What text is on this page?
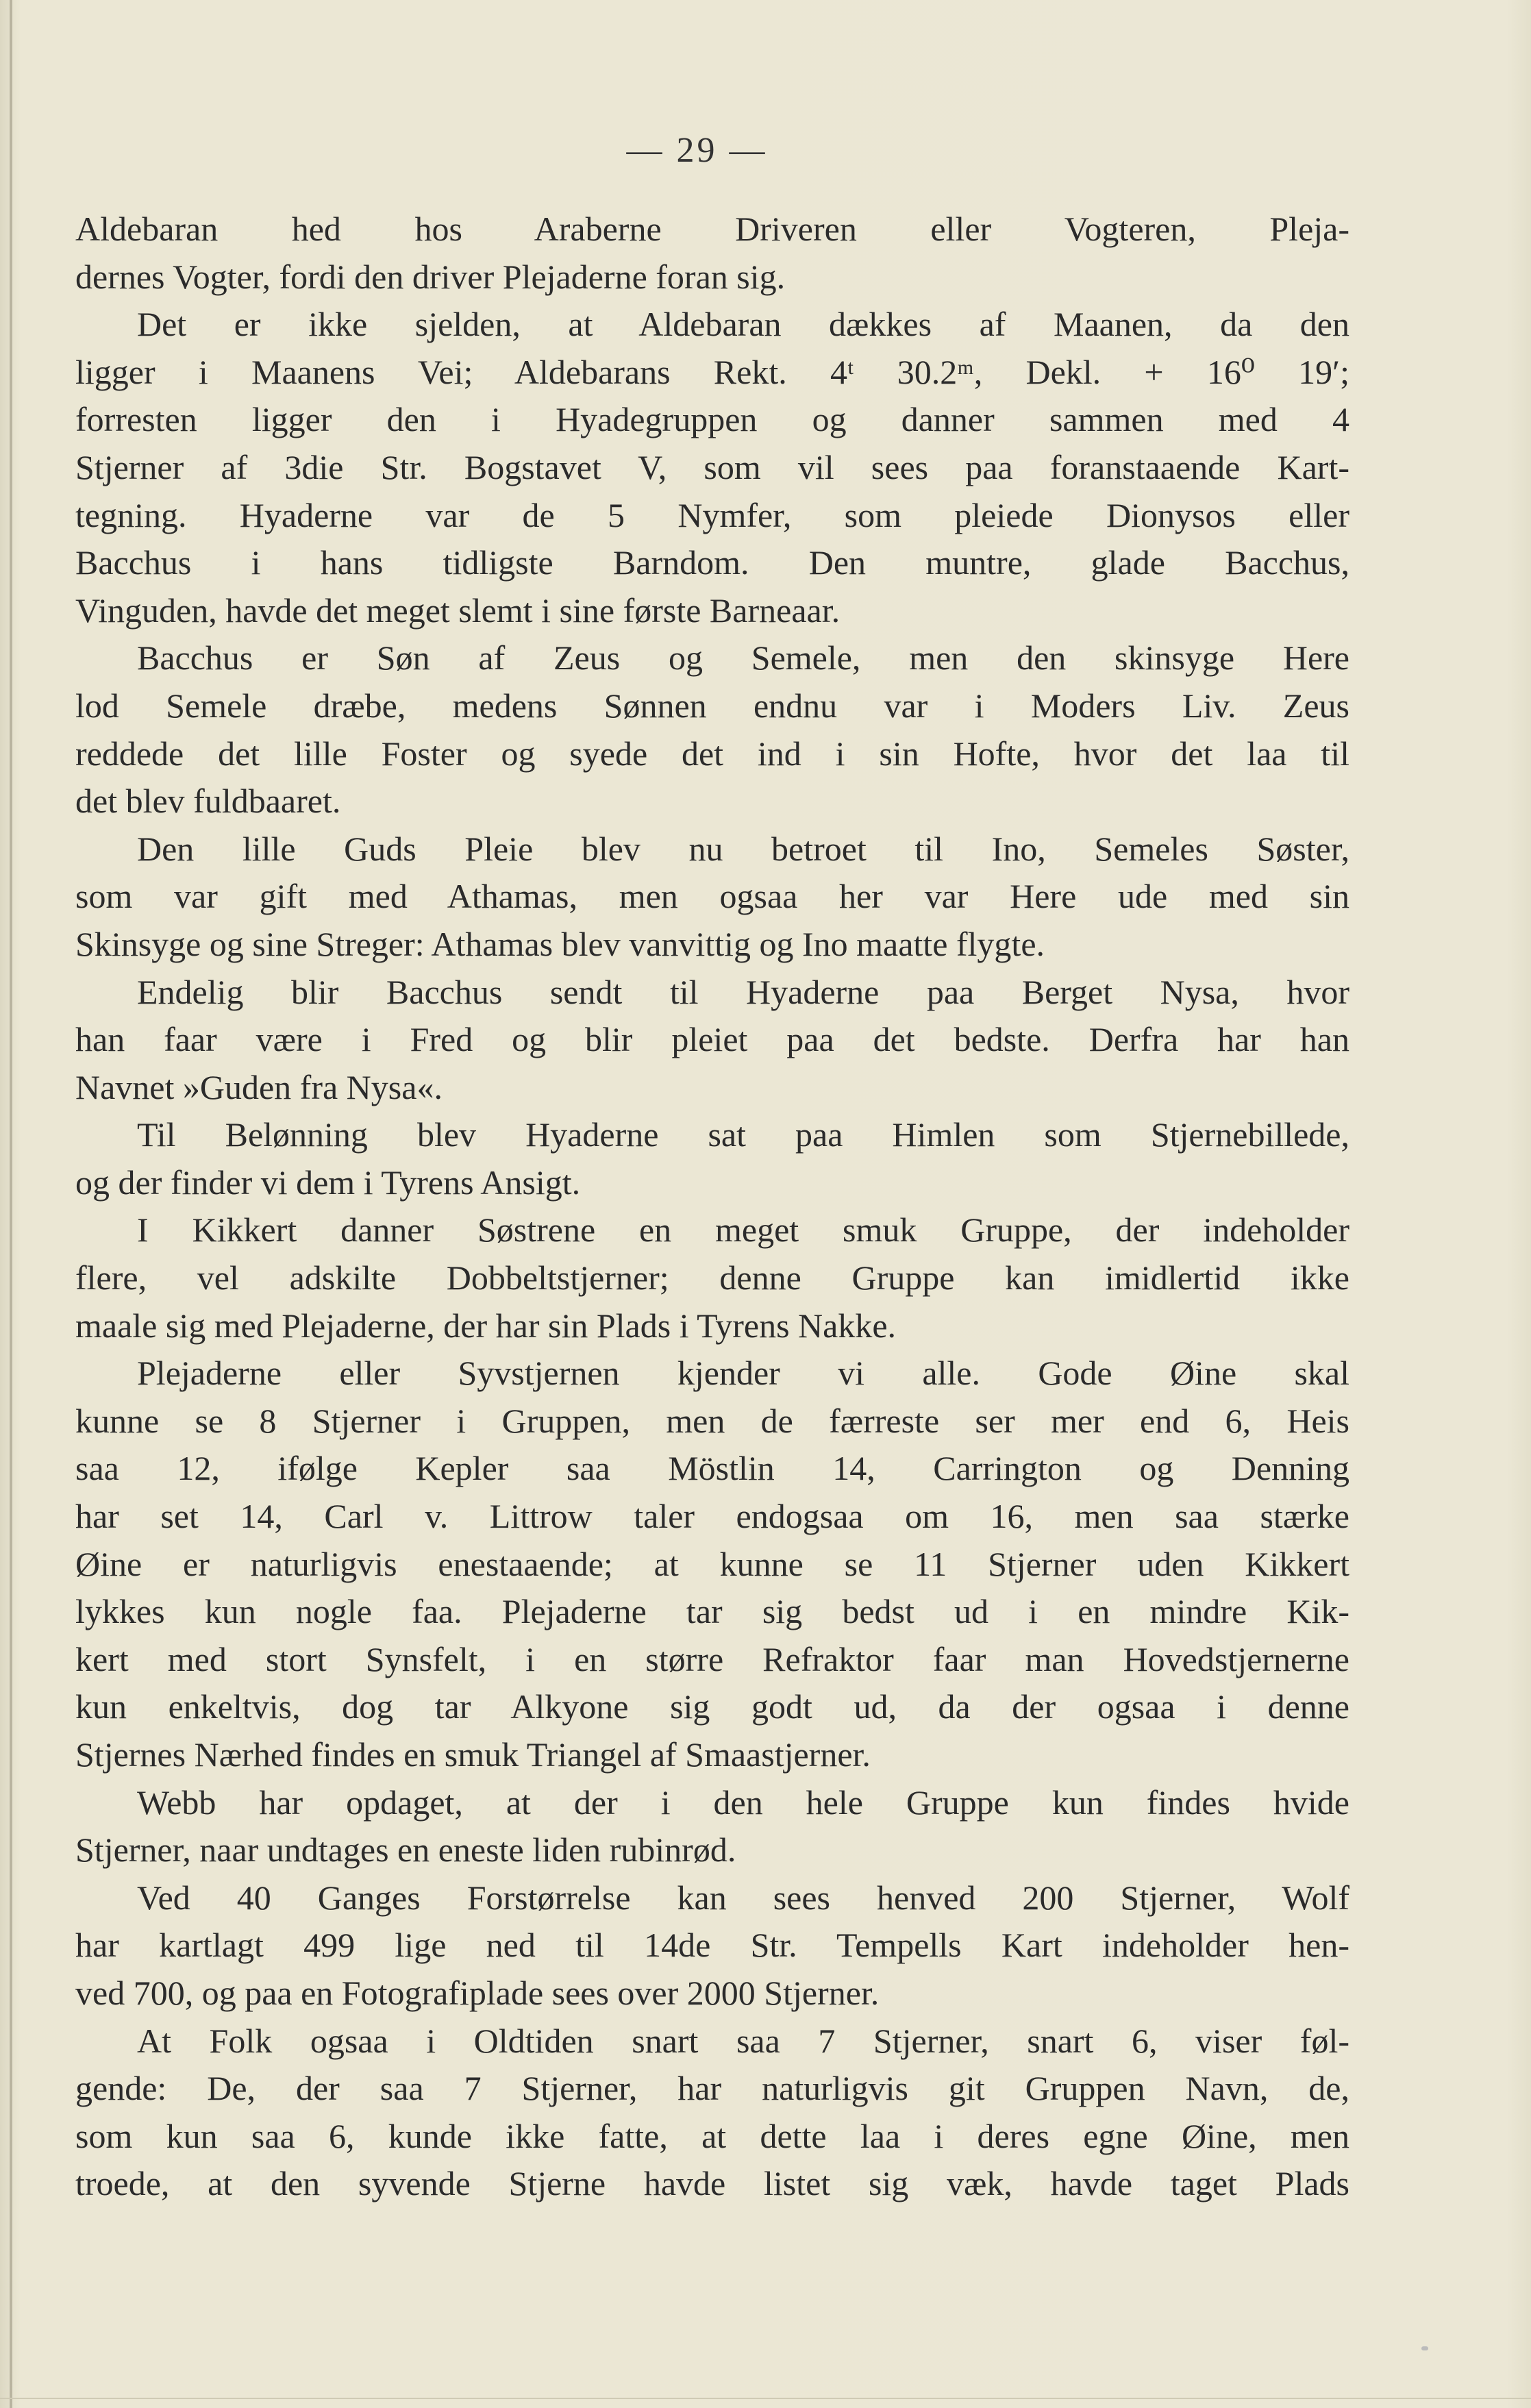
— 29 —
Aldebaran hed hos Araberne Driveren eller Vogteren, Pleja-
dernes Vogter, fordi den driver Plejaderne foran sig.
Det er ikke sjelden, at Aldebaran dækkes af Maanen, da den
ligger i Maanens Vei; Aldebarans Rekt. 4ᵗ 30.2ᵐ, Dekl. + 16⁰ 19′;
forresten ligger den i Hyadegruppen og danner sammen med 4
Stjerner af 3die Str. Bogstavet V, som vil sees paa foranstaaende Kart-
tegning. Hyaderne var de 5 Nymfer, som pleiede Dionysos eller
Bacchus i hans tidligste Barndom. Den muntre, glade Bacchus,
Vinguden, havde det meget slemt i sine første Barneaar.
Bacchus er Søn af Zeus og Semele, men den skinsyge Here
lod Semele dræbe, medens Sønnen endnu var i Moders Liv. Zeus
reddede det lille Foster og syede det ind i sin Hofte, hvor det laa til
det blev fuldbaaret.
Den lille Guds Pleie blev nu betroet til Ino, Semeles Søster,
som var gift med Athamas, men ogsaa her var Here ude med sin
Skinsyge og sine Streger: Athamas blev vanvittig og Ino maatte flygte.
Endelig blir Bacchus sendt til Hyaderne paa Berget Nysa, hvor
han faar være i Fred og blir pleiet paa det bedste. Derfra har han
Navnet »Guden fra Nysa«.
Til Belønning blev Hyaderne sat paa Himlen som Stjernebillede,
og der finder vi dem i Tyrens Ansigt.
I Kikkert danner Søstrene en meget smuk Gruppe, der indeholder
flere, vel adskilte Dobbeltstjerner; denne Gruppe kan imidlertid ikke
maale sig med Plejaderne, der har sin Plads i Tyrens Nakke.
Plejaderne eller Syvstjernen kjender vi alle. Gode Øine skal
kunne se 8 Stjerner i Gruppen, men de færreste ser mer end 6, Heis
saa 12, ifølge Kepler saa Möstlin 14, Carrington og Denning
har set 14, Carl v. Littrow taler endogsaa om 16, men saa stærke
Øine er naturligvis enestaaende; at kunne se 11 Stjerner uden Kikkert
lykkes kun nogle faa. Plejaderne tar sig bedst ud i en mindre Kik-
kert med stort Synsfelt, i en større Refraktor faar man Hovedstjernerne
kun enkeltvis, dog tar Alkyone sig godt ud, da der ogsaa i denne
Stjernes Nærhed findes en smuk Triangel af Smaastjerner.
Webb har opdaget, at der i den hele Gruppe kun findes hvide
Stjerner, naar undtages en eneste liden rubinrød.
Ved 40 Ganges Forstørrelse kan sees henved 200 Stjerner, Wolf
har kartlagt 499 lige ned til 14de Str. Tempells Kart indeholder hen-
ved 700, og paa en Fotografiplade sees over 2000 Stjerner.
At Folk ogsaa i Oldtiden snart saa 7 Stjerner, snart 6, viser føl-
gende: De, der saa 7 Stjerner, har naturligvis git Gruppen Navn, de,
som kun saa 6, kunde ikke fatte, at dette laa i deres egne Øine, men
troede, at den syvende Stjerne havde listet sig væk, havde taget Plads
